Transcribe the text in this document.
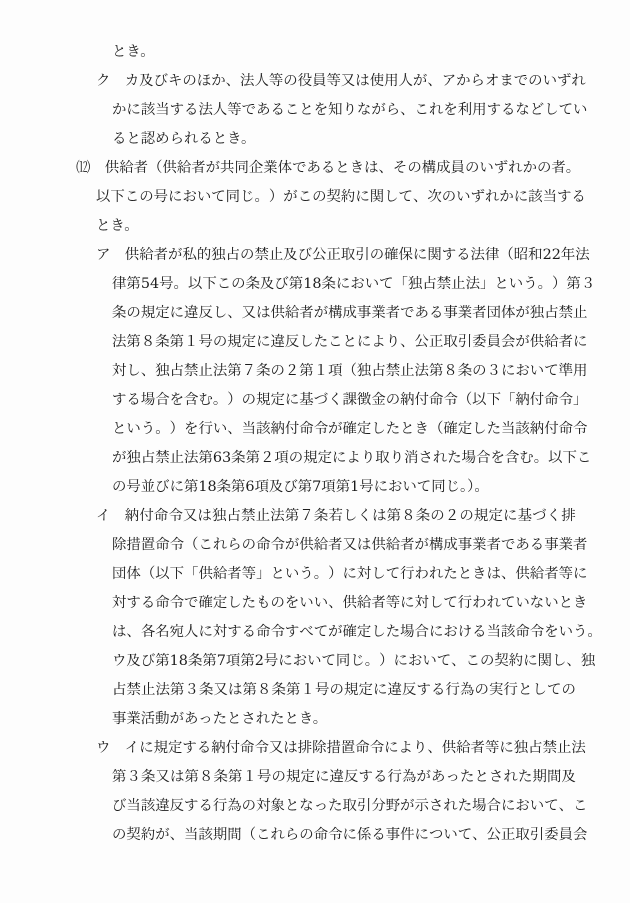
とき。
ク　 カ 及 び キ の ほ か 、 法 人 等 の 役 員 等 又 は 使 用 人 が 、 ア か ら オ ま で の い ず れ
か に 該 当 す る 法 人 等 で あ る こ と を 知 り な が ら 、 こ れ を 利 用 す る な ど し て い
ると認められるとき。
⑿　 供 給 者 （ 供 給 者 が 共 同 企 業 体 で あ る と き は 、 そ の 構 成 員 の い ず れ か の 者 。
以 下 こ の 号 に お い て 同 じ 。 ） が こ の 契 約 に 関 し て 、 次 の い ず れ か に 該 当 す る
とき。
ア　 供 給 者 が 私 的 独 占 の 禁 止 及 び 公 正 取 引 の 確 保 に 関 す る 法 律 （ 昭 和 2 2 年 法
律 第 5 4 号 。 以 下 こ の 条 及 び 第 1 8 条 に お い て 「 独 占 禁 止 法 」 と い う 。 ） 第 ３
条 の 規 定 に 違 反 し 、 又 は 供 給 者 が 構 成 事 業 者 で あ る 事 業 者 団 体 が 独 占 禁 止
法 第 ８ 条 第 １ 号 の 規 定 に 違 反 し た こ と に よ り 、 公 正 取 引 委 員 会 が 供 給 者 に
対 し 、 独 占 禁 止 法 第 ７ 条 の ２ 第 １ 項 （ 独 占 禁 止 法 第 ８ 条 の ３ に お い て 準 用
す る 場 合 を 含 む 。 ） の 規 定 に 基 づ く 課 徴 金 の 納 付 命 令 （ 以 下 「 納 付 命 令 」
と い う 。 ） を 行 い 、 当 該 納 付 命 令 が 確 定 し た と き （ 確 定 し た 当 該 納 付 命 令
が 独 占 禁 止 法 第 6 3 条 第 ２ 項 の 規 定 に よ り 取 り 消 さ れ た 場 合 を 含 む 。 以 下 こ
の号並びに第18条第6項及び第7項第1号において同じ。）。
イ　 納 付 命 令 又 は 独 占 禁 止 法 第 ７ 条 若 し く は 第 ８ 条 の ２ の 規 定 に 基 づ く 排
除 措 置 命 令 （ こ れ ら の 命 令 が 供 給 者 又 は 供 給 者 が 構 成 事 業 者 で あ る 事 業 者
団 体 （ 以 下 「 供 給 者 等 」 と い う 。 ） に 対 し て 行 わ れ た と き は 、 供 給 者 等 に
対 す る 命 令 で 確 定 し た も の を い い 、 供 給 者 等 に 対 し て 行 わ れ て い な い と き
は 、 各 名 宛 人 に 対 す る 命 令 す べ て が 確 定 し た 場 合 に お け る 当 該 命 令 を い う 。
ウ 及 び 第 1 8 条 第 7 項 第 2 号 に お い て 同 じ 。 ） に お い て 、 こ の 契 約 に 関 し 、 独
占 禁 止 法 第 ３ 条 又 は 第 ８ 条 第 １ 号 の 規 定 に 違 反 す る 行 為 の 実 行 と し て の
事業活動があったとされたとき。
ウ　 イ に 規 定 す る 納 付 命 令 又 は 排 除 措 置 命 令 に よ り 、 供 給 者 等 に 独 占 禁 止 法
第 ３ 条 又 は 第 ８ 条 第 １ 号 の 規 定 に 違 反 す る 行 為 が あ っ た と さ れ た 期 間 及
び 当 該 違 反 す る 行 為 の 対 象 と な っ た 取 引 分 野 が 示 さ れ た 場 合 に お い て 、 こ
の 契 約 が 、 当 該 期 間 （ こ れ ら の 命 令 に 係 る 事 件 に つ い て 、 公 正 取 引 委 員 会
